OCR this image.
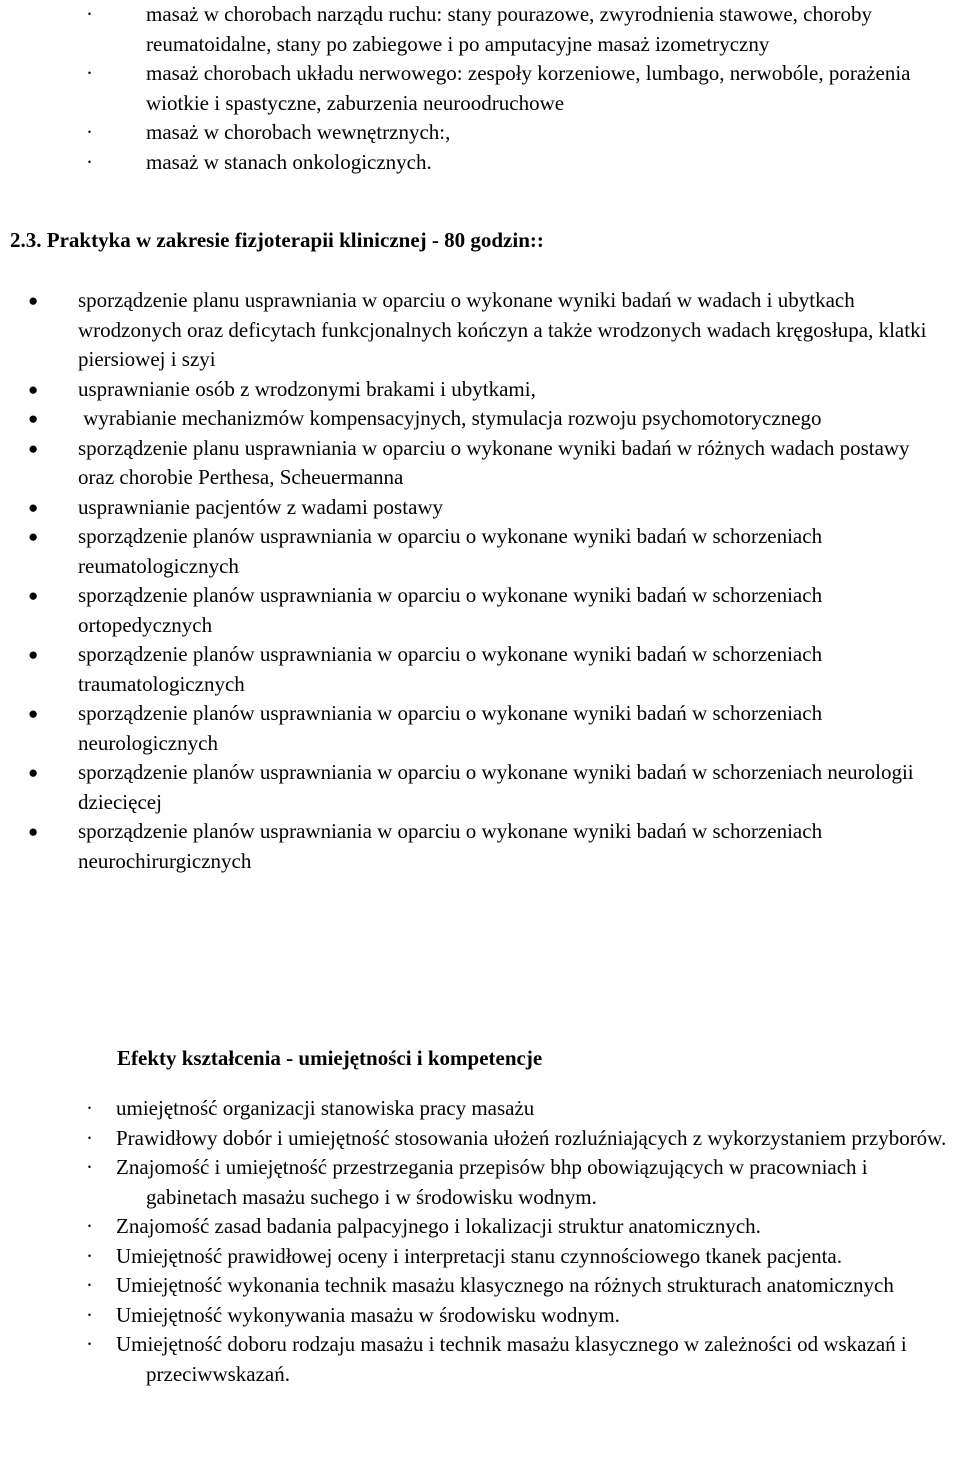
·	masaż w chorobach narządu ruchu: stany pourazowe, zwyrodnienia stawowe, choroby reumatoidalne, stany po zabiegowe i po amputacyjne masaż izometryczny
·	masaż chorobach układu nerwowego: zespoły korzeniowe, lumbago, nerwobóle, porażenia wiotkie i spastyczne, zaburzenia neuroodruchowe
·	masaż w chorobach wewnętrznych:,
·	masaż w stanach onkologicznych.
2.3. Praktyka w zakresie fizjoterapii klinicznej - 80 godzin::
●	sporządzenie planu usprawniania w oparciu o wykonane wyniki badań w wadach i ubytkach wrodzonych oraz deficytach funkcjonalnych kończyn a także wrodzonych wadach kręgosłupa, klatki piersiowej i szyi
●	usprawnianie osób z wrodzonymi brakami i ubytkami,
●	wyrabianie mechanizmów kompensacyjnych, stymulacja rozwoju psychomotorycznego
●	sporządzenie planu usprawniania w oparciu o wykonane wyniki badań w różnych wadach postawy oraz chorobie Perthesa, Scheuermanna
●	usprawnianie pacjentów z wadami postawy
●	sporządzenie planów usprawniania w oparciu o wykonane wyniki badań w schorzeniach reumatologicznych
●	sporządzenie planów usprawniania w oparciu o wykonane wyniki badań w schorzeniach ortopedycznych
●	sporządzenie planów usprawniania w oparciu o wykonane wyniki badań w schorzeniach traumatologicznych
●	sporządzenie planów usprawniania w oparciu o wykonane wyniki badań w schorzeniach neurologicznych
●	sporządzenie planów usprawniania w oparciu o wykonane wyniki badań w schorzeniach neurologii dziecięcej
●	sporządzenie planów usprawniania w oparciu o wykonane wyniki badań w schorzeniach neurochirurgicznych
Efekty kształcenia - umiejętności i kompetencje
·	umiejętność organizacji stanowiska pracy masażu
·	Prawidłowy dobór i umiejętność stosowania ułożeń rozluźniających z wykorzystaniem przyborów.
·	Znajomość i umiejętność przestrzegania przepisów bhp obowiązujących w pracowniach i gabinetach masażu suchego i w środowisku wodnym.
·	Znajomość zasad badania palpacyjnego i lokalizacji struktur anatomicznych.
·	Umiejętność prawidłowej oceny i interpretacji stanu czynnościowego tkanek pacjenta.
·	Umiejętność wykonania technik masażu klasycznego na różnych strukturach anatomicznych
·	Umiejętność wykonywania masażu w środowisku wodnym.
·	Umiejętność doboru rodzaju masażu i technik masażu klasycznego w zależności od wskazań i przeciwwskazań.
